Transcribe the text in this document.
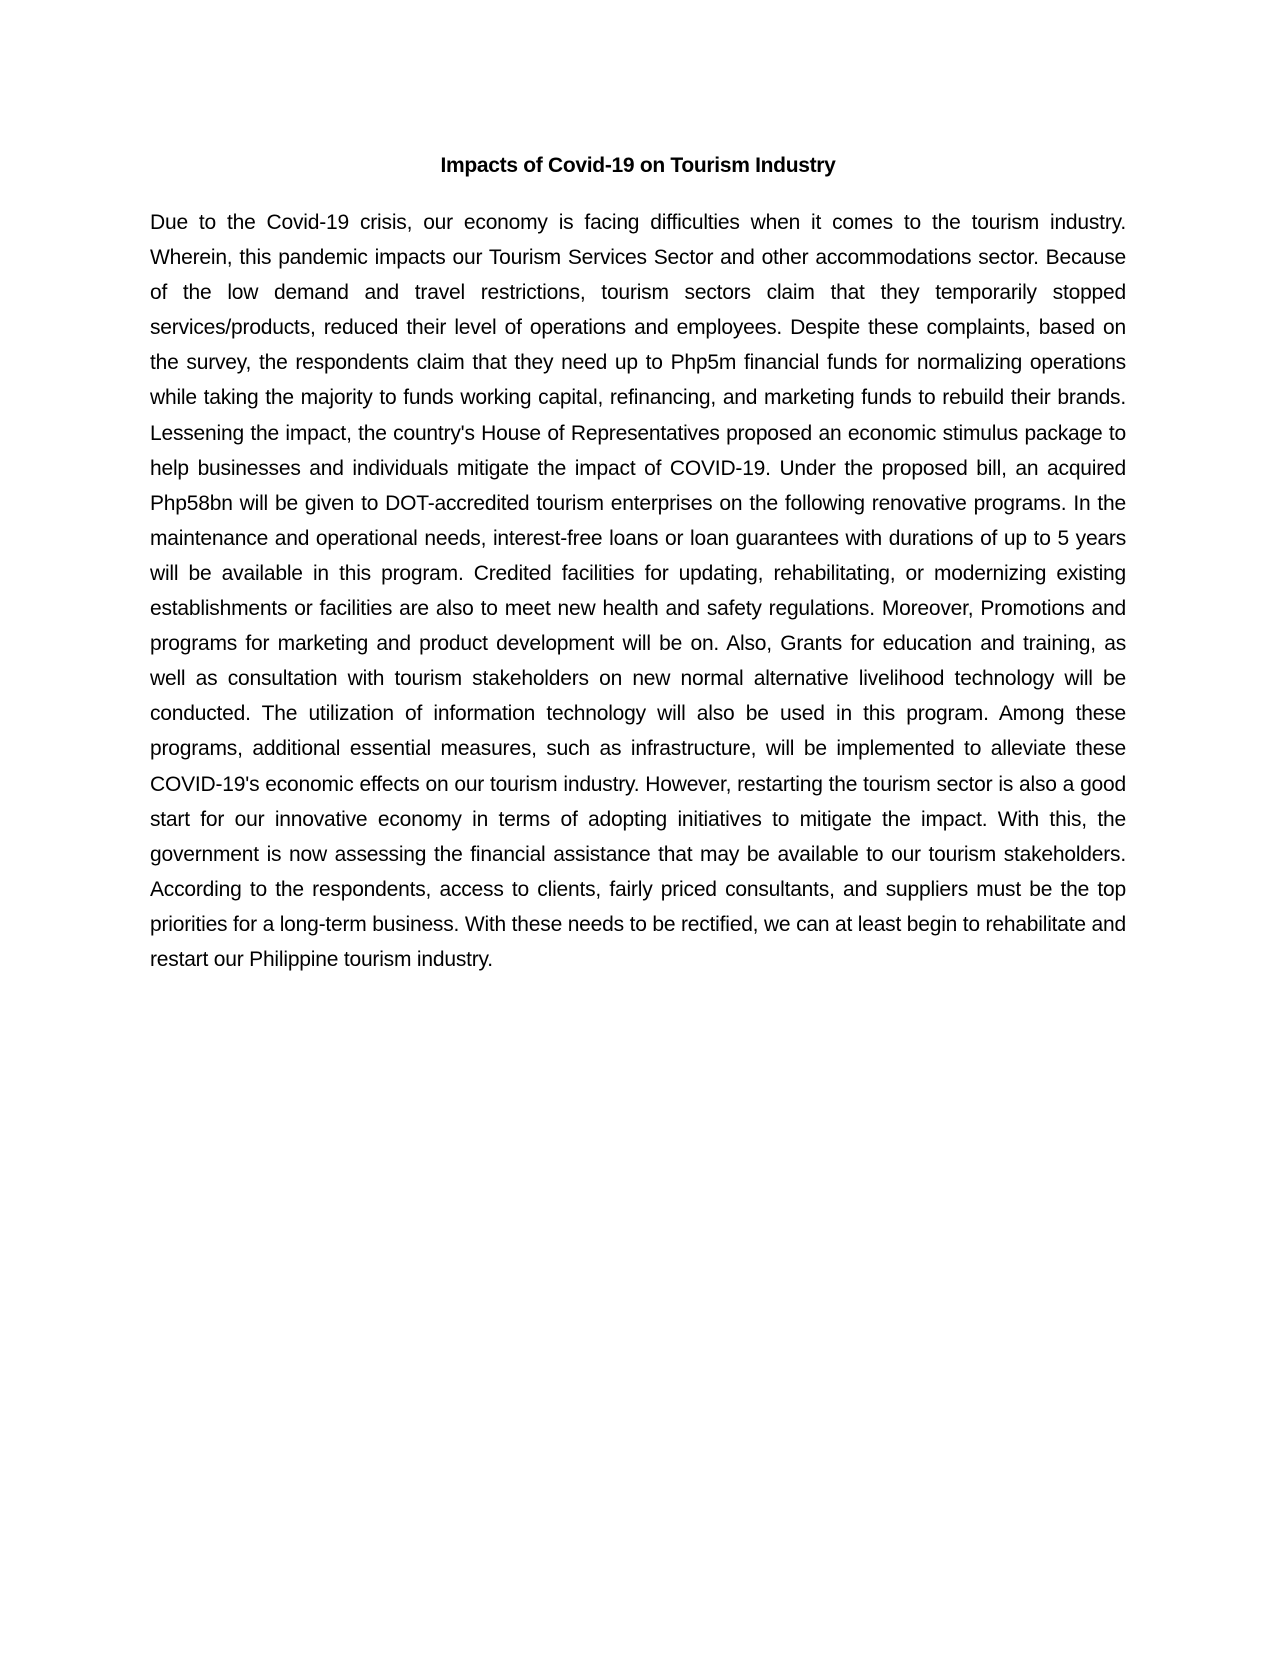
Impacts of Covid-19 on Tourism Industry

Due to the Covid-19 crisis, our economy is facing difficulties when it comes to the tourism industry. Wherein, this pandemic impacts our Tourism Services Sector and other accommodations sector. Because of the low demand and travel restrictions, tourism sectors claim that they temporarily stopped services/products, reduced their level of operations and employees. Despite these complaints, based on the survey, the respondents claim that they need up to Php5m financial funds for normalizing operations while taking the majority to funds working capital, refinancing, and marketing funds to rebuild their brands. Lessening the impact, the country's House of Representatives proposed an economic stimulus package to help businesses and individuals mitigate the impact of COVID-19. Under the proposed bill, an acquired Php58bn will be given to DOT-accredited tourism enterprises on the following renovative programs. In the maintenance and operational needs, interest-free loans or loan guarantees with durations of up to 5 years will be available in this program. Credited facilities for updating, rehabilitating, or modernizing existing establishments or facilities are also to meet new health and safety regulations. Moreover, Promotions and programs for marketing and product development will be on. Also, Grants for education and training, as well as consultation with tourism stakeholders on new normal alternative livelihood technology will be conducted. The utilization of information technology will also be used in this program. Among these programs, additional essential measures, such as infrastructure, will be implemented to alleviate these COVID-19's economic effects on our tourism industry. However, restarting the tourism sector is also a good start for our innovative economy in terms of adopting initiatives to mitigate the impact. With this, the government is now assessing the financial assistance that may be available to our tourism stakeholders. According to the respondents, access to clients, fairly priced consultants, and suppliers must be the top priorities for a long-term business. With these needs to be rectified, we can at least begin to rehabilitate and restart our Philippine tourism industry.
